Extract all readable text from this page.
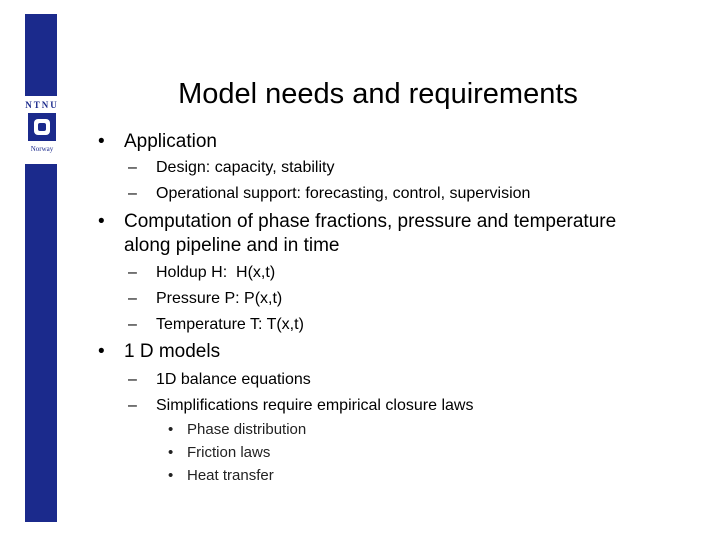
NTNU
Norway
Model needs and requirements
•	Application
–	Design: capacity, stability
–	Operational support: forecasting, control, supervision
•	Computation of phase fractions, pressure and temperature
along pipeline and in time
–	Holdup H:  H(x,t)
–	Pressure P: P(x,t)
–	Temperature T: T(x,t)
•	1 D models
–	1D balance equations
–	Simplifications require empirical closure laws
• Phase distribution
• Friction laws
• Heat transfer
